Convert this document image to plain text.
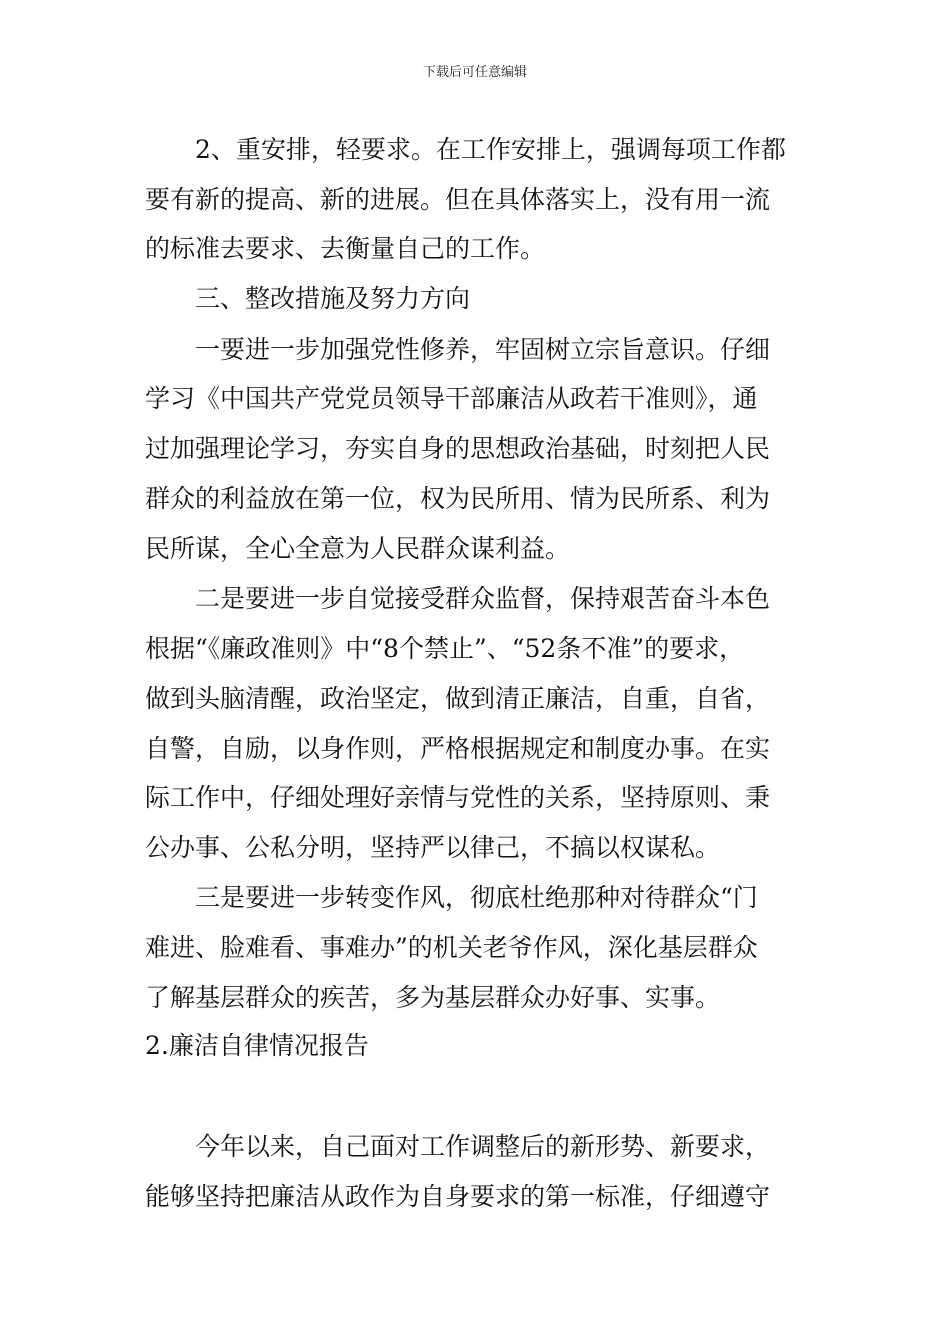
下载后可任意编辑
2、重安排，轻要求。在工作安排上，强调每项工作都
要有新的提高、新的进展。但在具体落实上，没有用一流
的标准去要求、去衡量自己的工作。
三、整改措施及努力方向
一要进一步加强党性修养，牢固树立宗旨意识。仔细
学习《中国共产党党员领导干部廉洁从政若干准则》，通
过加强理论学习，夯实自身的思想政治基础，时刻把人民
群众的利益放在第一位，权为民所用、情为民所系、利为
民所谋，全心全意为人民群众谋利益。
二是要进一步自觉接受群众监督，保持艰苦奋斗本色
根据“《廉政准则》中“8个禁止”、“52条不准”的要求，
做到头脑清醒，政治坚定，做到清正廉洁，自重，自省，
自警，自励，以身作则，严格根据规定和制度办事。在实
际工作中，仔细处理好亲情与党性的关系，坚持原则、秉
公办事、公私分明，坚持严以律己，不搞以权谋私。
三是要进一步转变作风，彻底杜绝那种对待群众“门
难进、脸难看、事难办”的机关老爷作风，深化基层群众
了解基层群众的疾苦，多为基层群众办好事、实事。
2.廉洁自律情况报告
今年以来，自己面对工作调整后的新形势、新要求，
能够坚持把廉洁从政作为自身要求的第一标准，仔细遵守
